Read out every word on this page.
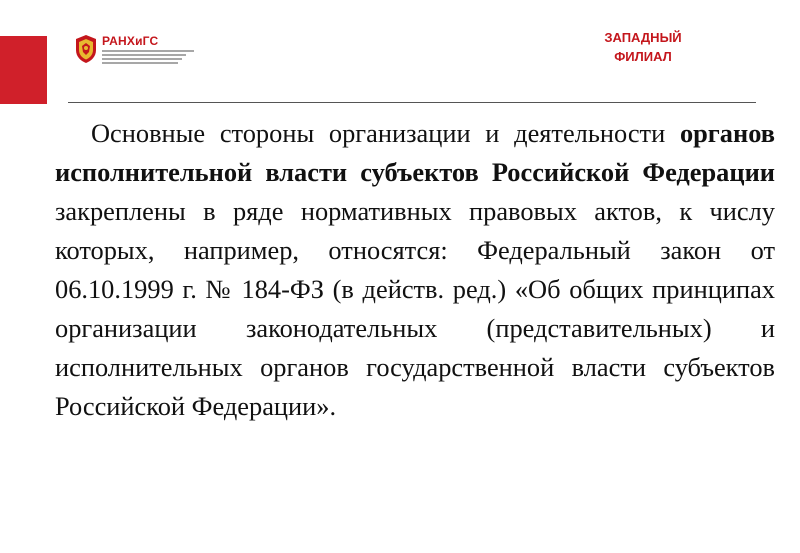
РАНХиГС	ЗАПАДНЫЙ
ФИЛИАЛ

Основные стороны организации и деятельности органов исполнительной власти субъектов Российской Федерации закреплены в ряде нормативных правовых актов, к числу которых, например, относятся: Федеральный закон от 06.10.1999 г. № 184-ФЗ (в действ. ред.) «Об общих принципах организации законодательных (представительных) и исполнительных органов государственной власти субъектов Российской Федерации».
